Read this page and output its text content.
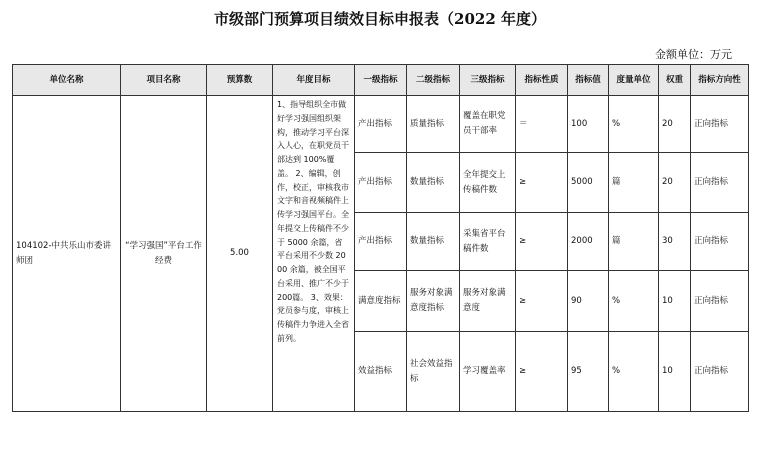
市级部门预算项目绩效目标申报表（2022 年度）
金额单位：万元
单位名称	项目名称	预算数	年度目标	一级指标	二级指标	三级指标	指标性质	指标值	度量单位	权重	指标方向性
104102-中共乐山市委讲师团	“学习强国”平台工作经费	5.00	1、指导组织全市做好学习强国组织架构，推动学习平台深入人心，在职党员干部达到 100%覆盖。 2、编辑，创作，校正，审核我市文字和音视频稿件上传学习强国平台。全年提交上传稿件不少于 5000 余篇，省平台采用不少数 2000 余篇，被全国平台采用、推广不少于 200篇。 3、效果：党员参与度，审核上传稿件力争进入全省前列。	产出指标	质量指标	覆盖在职党员干部率	＝	100	%	20	正向指标
				产出指标	数量指标	全年提交上传稿件数	≥	5000	篇	20	正向指标
				产出指标	数量指标	采集省平台稿件数	≥	2000	篇	30	正向指标
				满意度指标	服务对象满意度指标	服务对象满意度	≥	90	%	10	正向指标
				效益指标	社会效益指标	学习覆盖率	≥	95	%	10	正向指标
